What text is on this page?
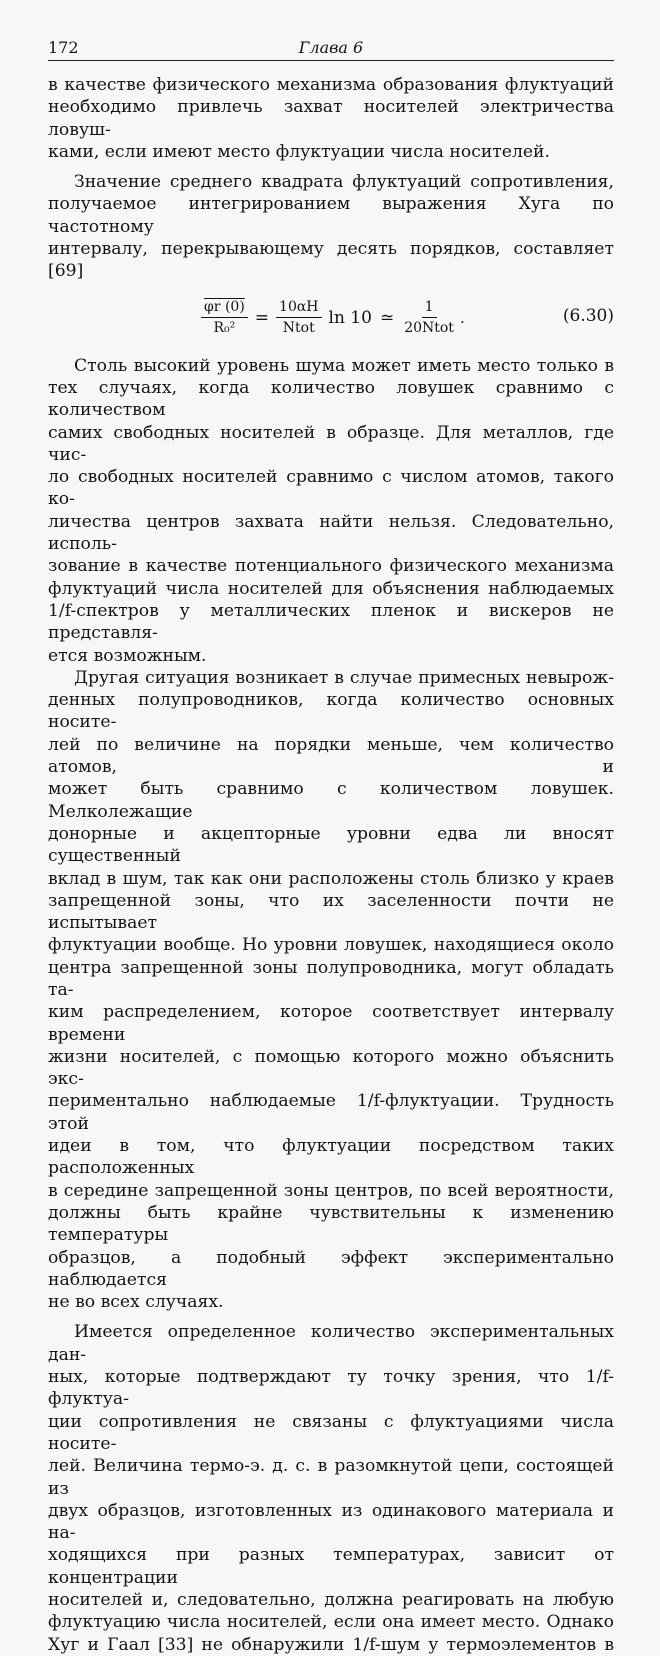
172	Глава 6

в качестве физического механизма образования флуктуаций
необходимо привлечь захват носителей электричества ловуш-
ками, если имеют место флуктуации числа носителей.

Значение среднего квадрата флуктуаций сопротивления,
получаемое интегрированием выражения Хуга по частотному
интервалу, перекрывающему десять порядков, составляет
[69]

$\frac{\varphi r (0)}{\text{R₀²}} = \frac{10\alpha H}{\text{Ntot}}$ ln 10 ≃ $\frac{1}{\text{20Ntot}}$ .	(6.30)

Столь высокий уровень шума может иметь место только в
тех случаях, когда количество ловушек сравнимо с количеством
самих свободных носителей в образце. Для металлов, где чис-
ло свободных носителей сравнимо с числом атомов, такого ко-
личества центров захвата найти нельзя. Следовательно, исполь-
зование в качестве потенциального физического механизма
флуктуаций числа носителей для объяснения наблюдаемых
1/f-спектров у металлических пленок и вискеров не представля-
ется возможным.

Другая ситуация возникает в случае примесных невырож-
денных полупроводников, когда количество основных носите-
лей по величине на порядки меньше, чем количество атомов, и
может быть сравнимо с количеством ловушек. Мелколежащие
донорные и акцепторные уровни едва ли вносят существенный
вклад в шум, так как они расположены столь близко у краев
запрещенной зоны, что их заселенности почти не испытывает
флуктуации вообще. Но уровни ловушек, находящиеся около
центра запрещенной зоны полупроводника, могут обладать та-
ким распределением, которое соответствует интервалу времени
жизни носителей, с помощью которого можно объяснить экс-
периментально наблюдаемые 1/f-флуктуации. Трудность этой
идеи в том, что флуктуации посредством таких расположенных
в середине запрещенной зоны центров, по всей вероятности,
должны быть крайне чувствительны к изменению температуры
образцов, а подобный эффект экспериментально наблюдается
не во всех случаях.

Имеется определенное количество экспериментальных дан-
ных, которые подтверждают ту точку зрения, что 1/f-флуктуа-
ции сопротивления не связаны с флуктуациями числа носите-
лей. Величина термо-э. д. с. в разомкнутой цепи, состоящей из
двух образцов, изготовленных из одинакового материала и на-
ходящихся при разных температурах, зависит от концентрации
носителей и, следовательно, должна реагировать на любую
флуктуацию числа носителей, если она имеет место. Однако
Хуг и Гаал [33] не обнаружили 1/f-шум у термоэлементов в
